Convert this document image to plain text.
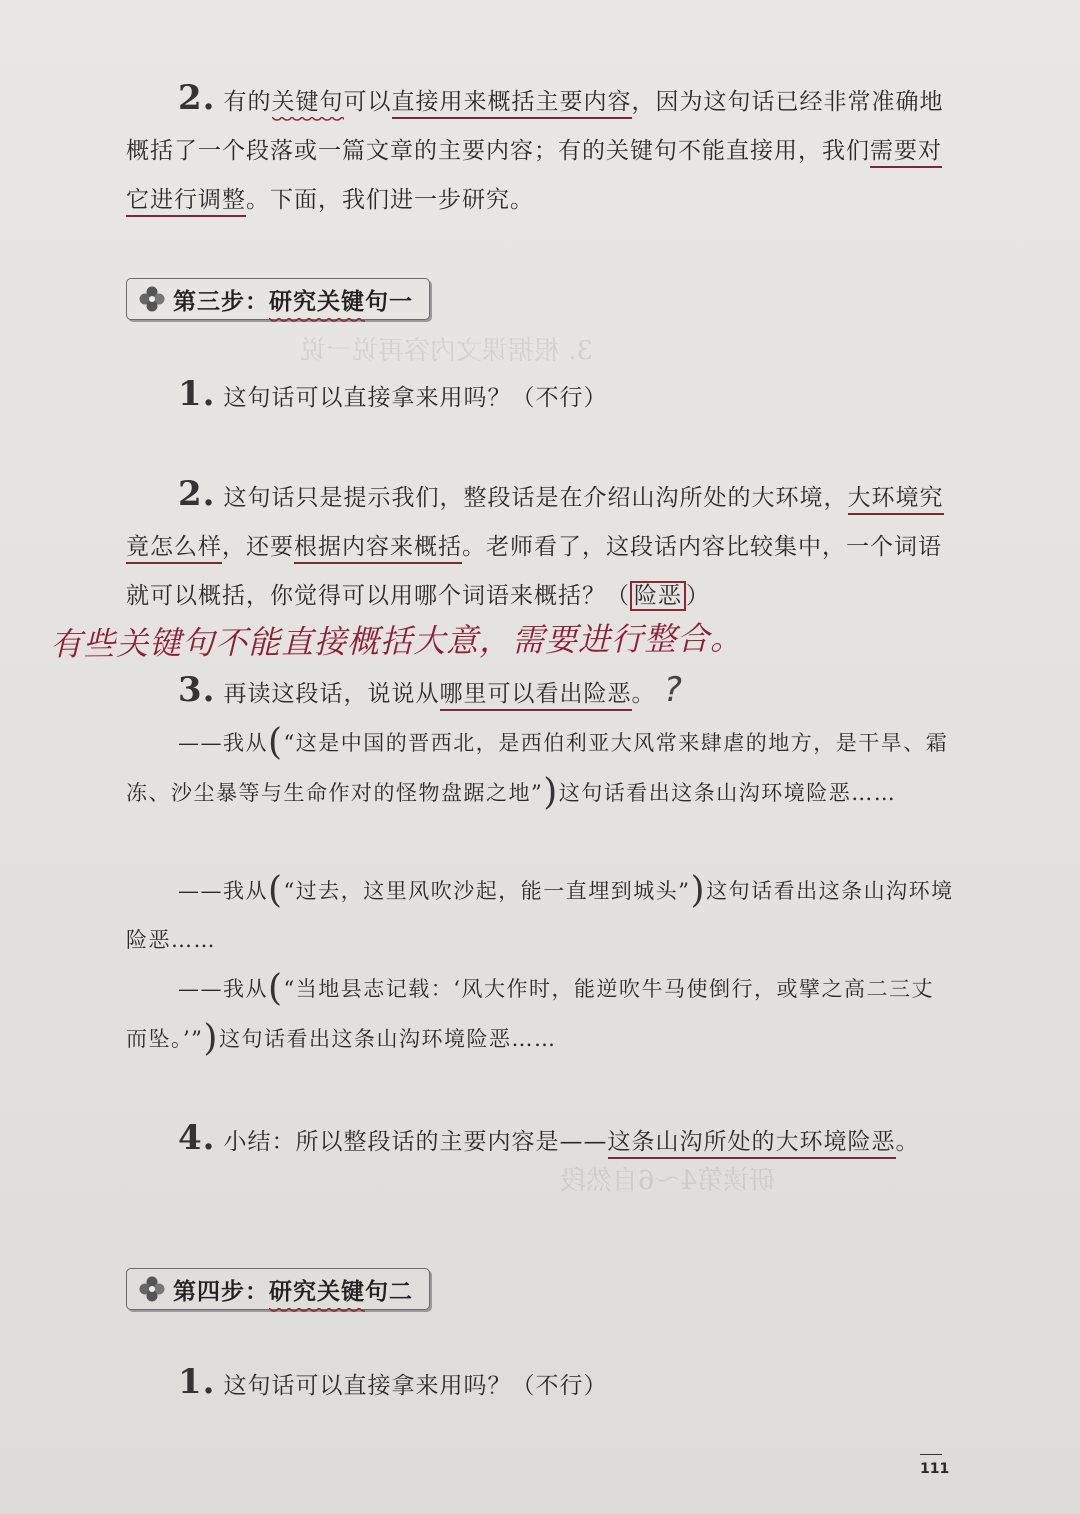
3. 根据课文内容再说一说
研读第4～6自然段
2. 有的关键句可以直接用来概括主要内容，因为这句话已经非常准确地概括了一个段落或一篇文章的主要内容；有的关键句不能直接用，我们需要对它进行调整。下面，我们进一步研究。
第三步： 研究关键 句一
1. 这句话可以直接拿来用吗？（不行）
2. 这句话只是提示我们，整段话是在介绍山沟所处的大环境，大环境究竟怎么样，还要根据内容来概括。老师看了，这段话内容比较集中，一个词语就可以概括，你觉得可以用哪个词语来概括？（ 险恶 ）
有些关键句不能直接概括大意，需要进行整合。
3. 再读这段话，说说从哪里可以看出险恶。 ?
——我从(“这是中国的晋西北，是西伯利亚大风常来肆虐的地方，是干旱、霜冻、沙尘暴等与生命作对的怪物盘踞之地”)这句话看出这条山沟环境险恶……
——我从(“过去，这里风吹沙起，能一直埋到城头”)这句话看出这条山沟环境险恶……
——我从(“当地县志记载：‘风大作时，能逆吹牛马使倒行，或擘之高二三丈而坠。’”)这句话看出这条山沟环境险恶……
4. 小结：所以整段话的主要内容是——这条山沟所处的大环境险恶。
第四步： 研究关键 句二
1. 这句话可以直接拿来用吗？（不行）
111
